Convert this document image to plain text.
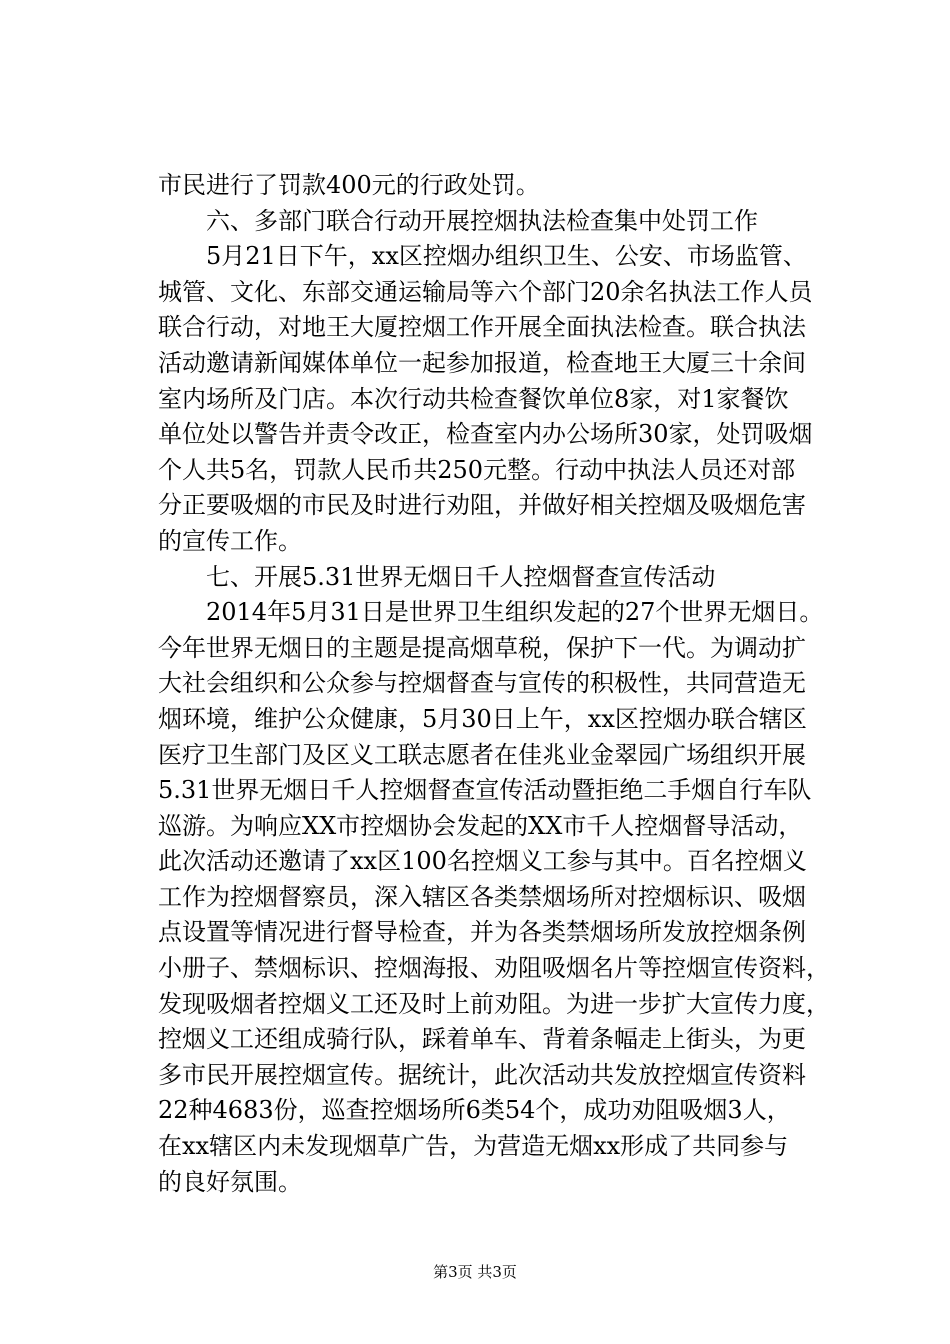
市民进行了罚款400元的行政处罚。
六、多部门联合行动开展控烟执法检查集中处罚工作
5月21日下午，xx区控烟办组织卫生、公安、市场监管、
城管、文化、东部交通运输局等六个部门20余名执法工作人员
联合行动，对地王大厦控烟工作开展全面执法检查。联合执法
活动邀请新闻媒体单位一起参加报道，检查地王大厦三十余间
室内场所及门店。本次行动共检查餐饮单位8家，对1家餐饮
单位处以警告并责令改正，检查室内办公场所30家，处罚吸烟
个人共5名，罚款人民币共250元整。行动中执法人员还对部
分正要吸烟的市民及时进行劝阻，并做好相关控烟及吸烟危害
的宣传工作。
七、开展5.31世界无烟日千人控烟督查宣传活动
2014年5月31日是世界卫生组织发起的27个世界无烟日。
今年世界无烟日的主题是提高烟草税，保护下一代。为调动扩
大社会组织和公众参与控烟督查与宣传的积极性，共同营造无
烟环境，维护公众健康，5月30日上午，xx区控烟办联合辖区
医疗卫生部门及区义工联志愿者在佳兆业金翠园广场组织开展
5.31世界无烟日千人控烟督查宣传活动暨拒绝二手烟自行车队
巡游。为响应XX市控烟协会发起的XX市千人控烟督导活动，
此次活动还邀请了xx区100名控烟义工参与其中。百名控烟义
工作为控烟督察员，深入辖区各类禁烟场所对控烟标识、吸烟
点设置等情况进行督导检查，并为各类禁烟场所发放控烟条例
小册子、禁烟标识、控烟海报、劝阻吸烟名片等控烟宣传资料，
发现吸烟者控烟义工还及时上前劝阻。为进一步扩大宣传力度，
控烟义工还组成骑行队，踩着单车、背着条幅走上街头，为更
多市民开展控烟宣传。据统计，此次活动共发放控烟宣传资料
22种4683份，巡查控烟场所6类54个，成功劝阻吸烟3人，
在xx辖区内未发现烟草广告，为营造无烟xx形成了共同参与
的良好氛围。
第3页 共3页
